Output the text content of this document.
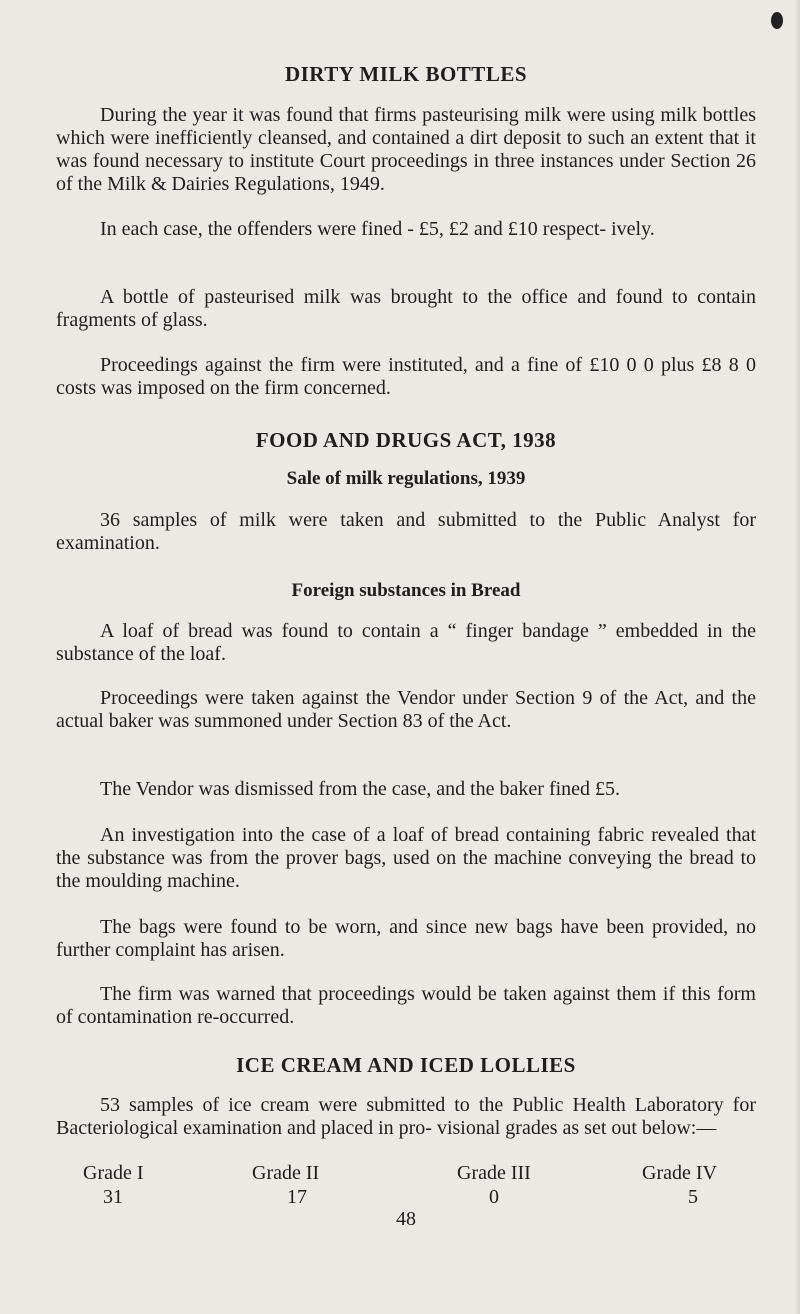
DIRTY MILK BOTTLES

During the year it was found that firms pasteurising milk were using milk bottles which were inefficiently cleansed, and contained a dirt deposit to such an extent that it was found necessary to institute Court proceedings in three instances under Section 26 of the Milk & Dairies Regulations, 1949.

In each case, the offenders were fined - £5, £2 and £10 respect- ively.

A bottle of pasteurised milk was brought to the office and found to contain fragments of glass.

Proceedings against the firm were instituted, and a fine of £10 0 0 plus £8 8 0 costs was imposed on the firm concerned.

FOOD AND DRUGS ACT, 1938
Sale of milk regulations, 1939

36 samples of milk were taken and submitted to the Public Analyst for examination.

Foreign substances in Bread

A loaf of bread was found to contain a “ finger bandage ” embedded in the substance of the loaf.

Proceedings were taken against the Vendor under Section 9 of the Act, and the actual baker was summoned under Section 83 of the Act.

The Vendor was dismissed from the case, and the baker fined £5.

An investigation into the case of a loaf of bread containing fabric revealed that the substance was from the prover bags, used on the machine conveying the bread to the moulding machine.

The bags were found to be worn, and since new bags have been provided, no further complaint has arisen.

The firm was warned that proceedings would be taken against them if this form of contamination re-occurred.

ICE CREAM AND ICED LOLLIES

53 samples of ice cream were submitted to the Public Health Laboratory for Bacteriological examination and placed in pro- visional grades as set out below:—

Grade I	Grade II	Grade III	Grade IV
31	17	0	5
48
